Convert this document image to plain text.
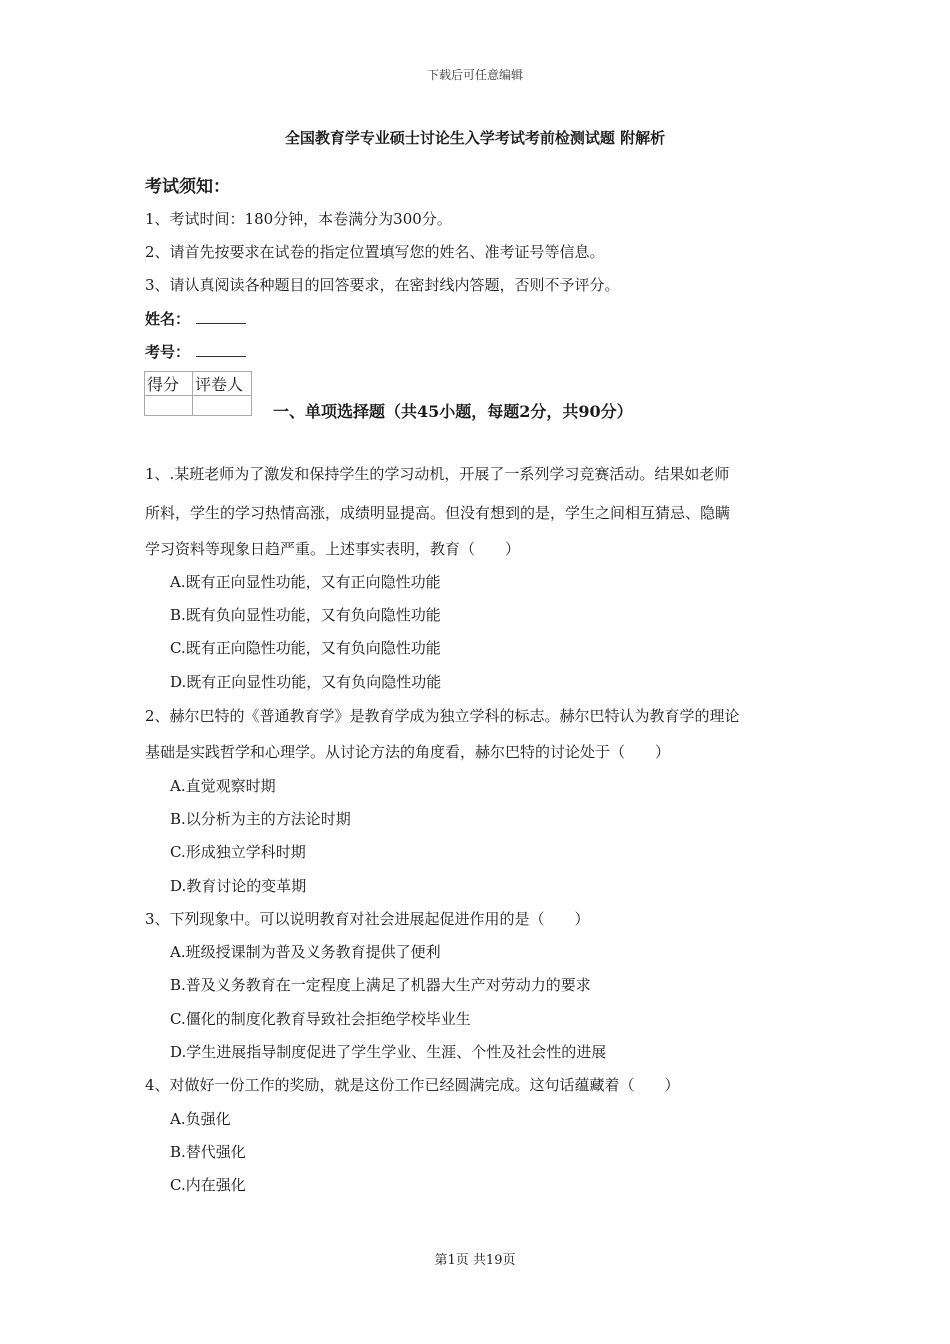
下载后可任意编辑
全国教育学专业硕士讨论生入学考试考前检测试题 附解析
考试须知：
1、考试时间：180分钟，本卷满分为300分。
2、请首先按要求在试卷的指定位置填写您的姓名、准考证号等信息。
3、请认真阅读各种题目的回答要求，在密封线内答题，否则不予评分。
姓名：
考号：
得分	评卷人

一、单项选择题（共45小题，每题2分，共90分）
1、.某班老师为了激发和保持学生的学习动机，开展了一系列学习竞赛活动。结果如老师
所料，学生的学习热情高涨，成绩明显提高。但没有想到的是，学生之间相互猜忌、隐瞒
学习资料等现象日趋严重。上述事实表明，教育（　　）
A.既有正向显性功能，又有正向隐性功能
B.既有负向显性功能，又有负向隐性功能
C.既有正向隐性功能，又有负向隐性功能
D.既有正向显性功能，又有负向隐性功能
2、赫尔巴特的《普通教育学》是教育学成为独立学科的标志。赫尔巴特认为教育学的理论
基础是实践哲学和心理学。从讨论方法的角度看，赫尔巴特的讨论处于（　　）
A.直觉观察时期
B.以分析为主的方法论时期
C.形成独立学科时期
D.教育讨论的变革期
3、下列现象中。可以说明教育对社会进展起促进作用的是（　　）
A.班级授课制为普及义务教育提供了便利
B.普及义务教育在一定程度上满足了机器大生产对劳动力的要求
C.僵化的制度化教育导致社会拒绝学校毕业生
D.学生进展指导制度促进了学生学业、生涯、个性及社会性的进展
4、对做好一份工作的奖励，就是这份工作已经圆满完成。这句话蕴藏着（　　）
A.负强化
B.替代强化
C.内在强化
第1页 共19页
